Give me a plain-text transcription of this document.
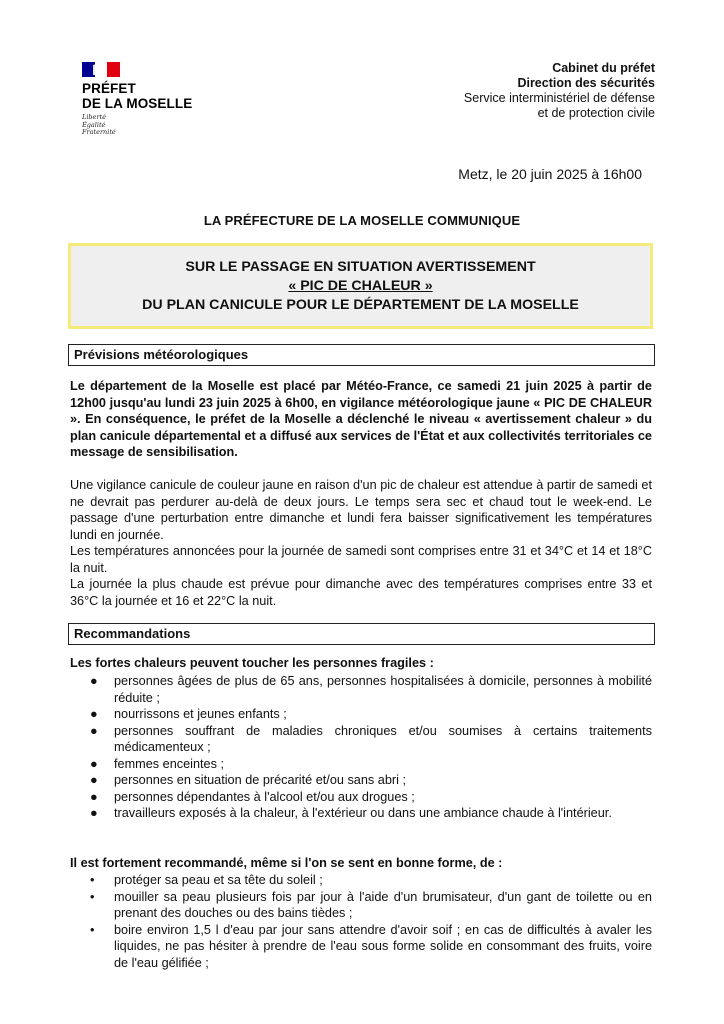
PRÉFET
DE LA MOSELLE
Liberté
Égalité
Fraternité
Cabinet du préfet
Direction des sécurités
Service interministériel de défense
et de protection civile
Metz, le 20 juin 2025 à 16h00
LA PRÉFECTURE DE LA MOSELLE COMMUNIQUE
SUR LE PASSAGE EN SITUATION AVERTISSEMENT
« PIC DE CHALEUR »
DU PLAN CANICULE POUR LE DÉPARTEMENT DE LA MOSELLE
Prévisions météorologiques
Le département de la Moselle est placé par Météo-France, ce samedi 21 juin 2025 à partir de 12h00 jusqu'au lundi 23 juin 2025 à 6h00, en vigilance météorologique jaune « PIC DE CHALEUR ». En conséquence, le préfet de la Moselle a déclenché le niveau « avertissement chaleur » du plan canicule départemental et a diffusé aux services de l'État et aux collectivités territoriales ce message de sensibilisation.

Une vigilance canicule de couleur jaune en raison d'un pic de chaleur est attendue à partir de samedi et ne devrait pas perdurer au-delà de deux jours. Le temps sera sec et chaud tout le week-end. Le passage d'une perturbation entre dimanche et lundi fera baisser significativement les températures lundi en journée.

Les températures annoncées pour la journée de samedi sont comprises entre 31 et 34°C et 14 et 18°C la nuit.

La journée la plus chaude est prévue pour dimanche avec des températures comprises entre 33 et 36°C la journée et 16 et 22°C la nuit.

Recommandations
Les fortes chaleurs peuvent toucher les personnes fragiles :
● personnes âgées de plus de 65 ans, personnes hospitalisées à domicile, personnes à mobilité réduite ;
● nourrissons et jeunes enfants ;
● personnes souffrant de maladies chroniques et/ou soumises à certains traitements médicamenteux ;
● femmes enceintes ;
● personnes en situation de précarité et/ou sans abri ;
● personnes dépendantes à l'alcool et/ou aux drogues ;
● travailleurs exposés à la chaleur, à l'extérieur ou dans une ambiance chaude à l'intérieur.
Il est fortement recommandé, même si l'on se sent en bonne forme, de :
• protéger sa peau et sa tête du soleil ;
• mouiller sa peau plusieurs fois par jour à l'aide d'un brumisateur, d'un gant de toilette ou en prenant des douches ou des bains tièdes ;
• boire environ 1,5 l d'eau par jour sans attendre d'avoir soif ; en cas de difficultés à avaler les liquides, ne pas hésiter à prendre de l'eau sous forme solide en consommant des fruits, voire de l'eau gélifiée ;
